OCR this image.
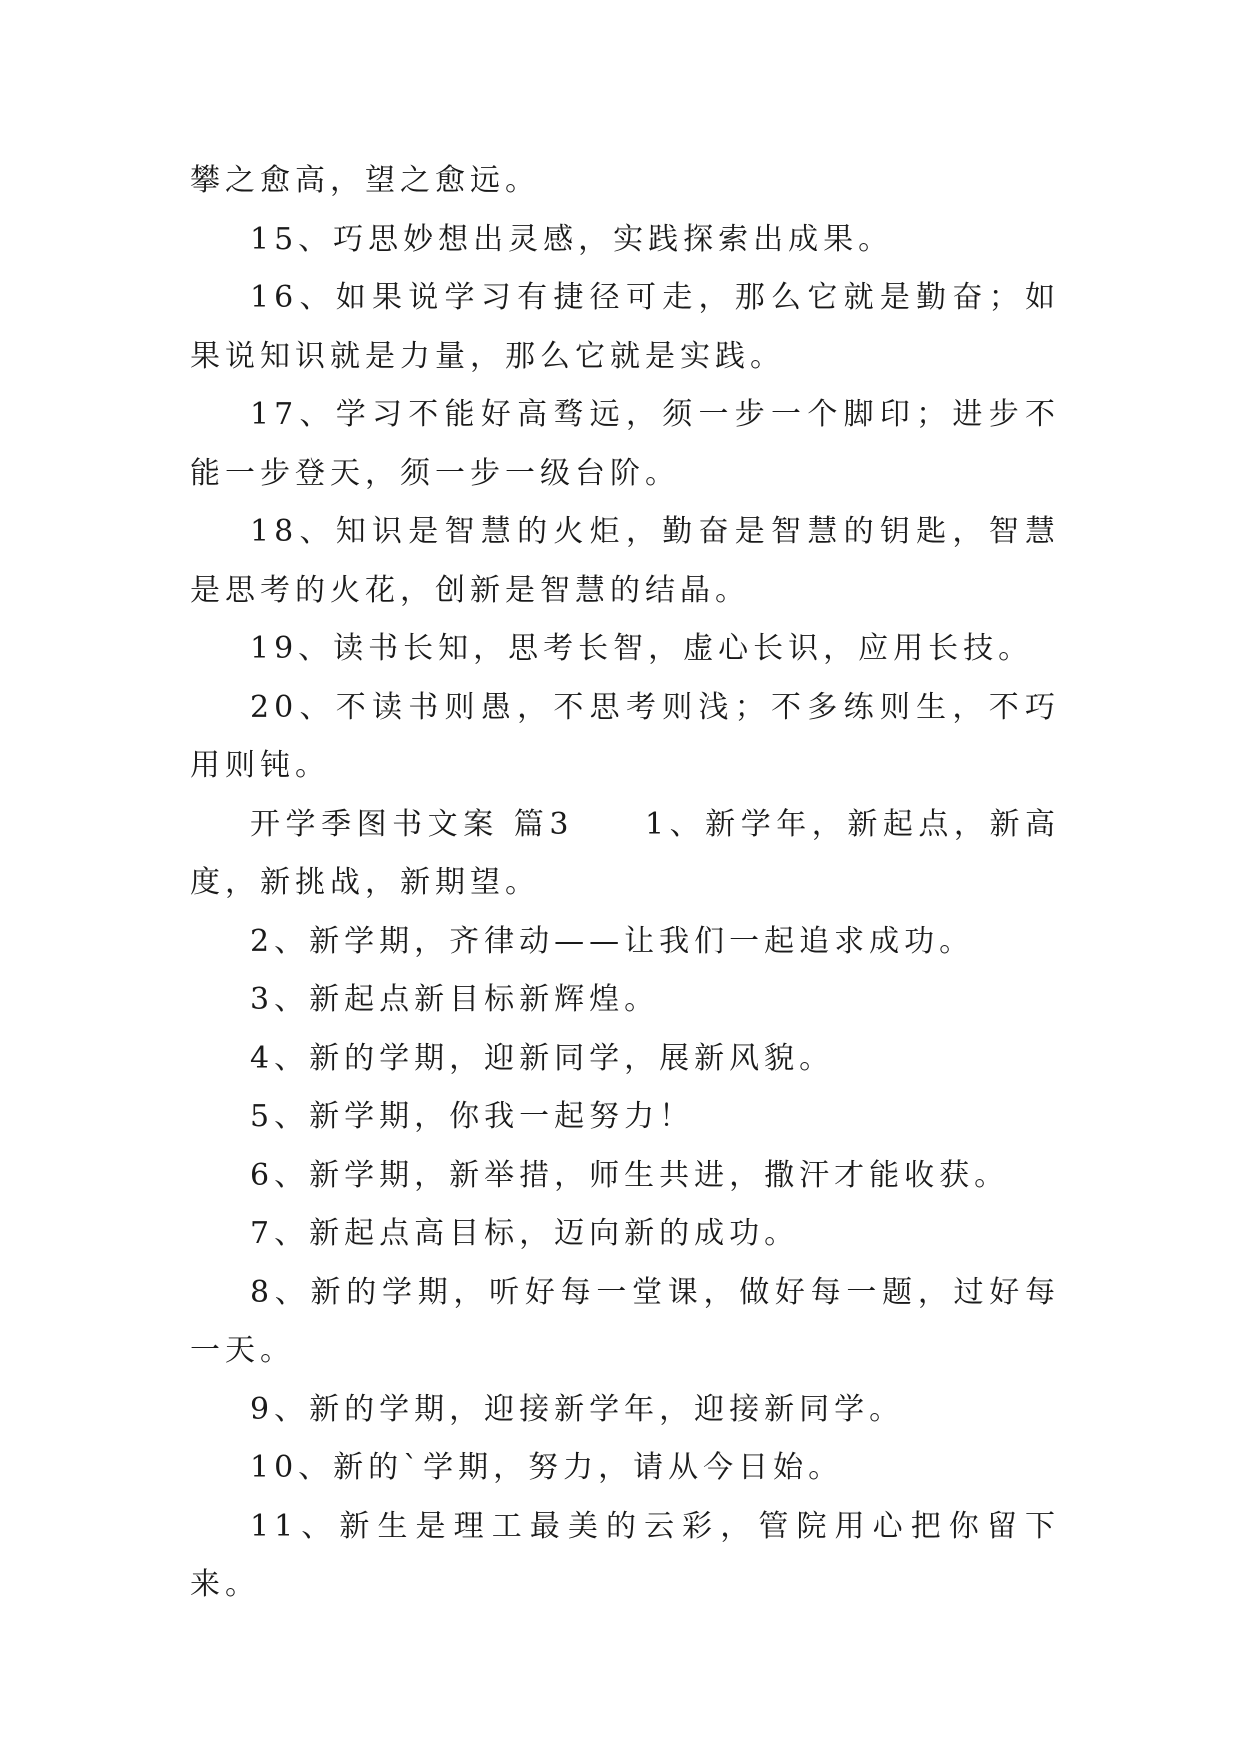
攀之愈高，望之愈远。

15、巧思妙想出灵感，实践探索出成果。

16、如果说学习有捷径可走，那么它就是勤奋；如果说知识就是力量，那么它就是实践。

17、学习不能好高骛远，须一步一个脚印；进步不能一步登天，须一步一级台阶。

18、知识是智慧的火炬，勤奋是智慧的钥匙，智慧是思考的火花，创新是智慧的结晶。

19、读书长知，思考长智，虚心长识，应用长技。

20、不读书则愚，不思考则浅；不多练则生，不巧用则钝。

开学季图书文案 篇3　　1、新学年，新起点，新高度，新挑战，新期望。

2、新学期，齐律动——让我们一起追求成功。

3、新起点新目标新辉煌。

4、新的学期，迎新同学，展新风貌。

5、新学期，你我一起努力！

6、新学期，新举措，师生共进，撒汗才能收获。

7、新起点高目标，迈向新的成功。

8、新的学期，听好每一堂课，做好每一题，过好每一天。

9、新的学期，迎接新学年，迎接新同学。

10、新的`学期，努力，请从今日始。

11、新生是理工最美的云彩，管院用心把你留下来。
